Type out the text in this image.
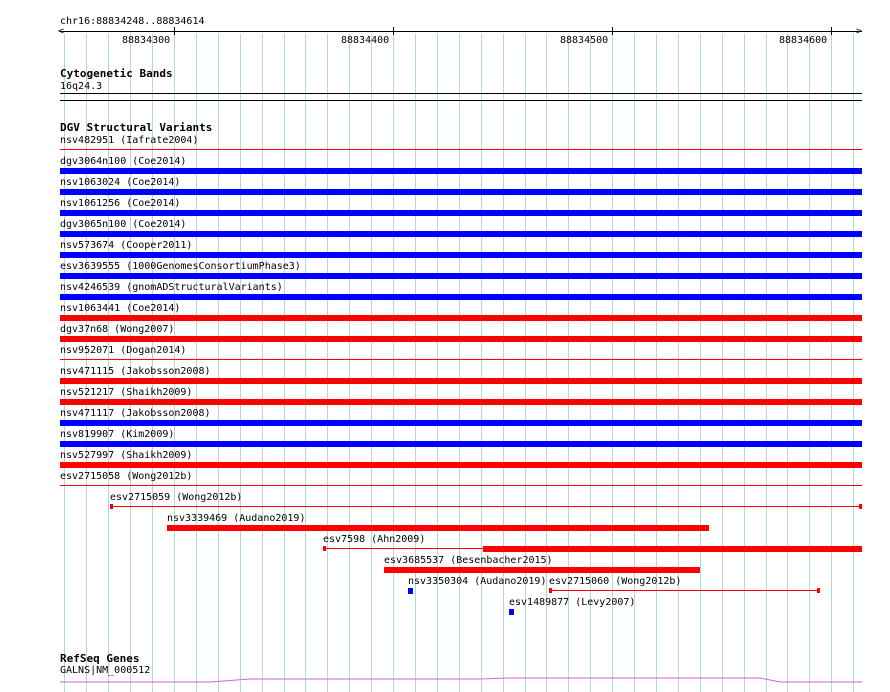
chr16:88834248..88834614
<	>
88834300	88834400	88834500	88834600
Cytogenetic Bands
16q24.3
DGV Structural Variants
nsv482951 (Iafrate2004)
dgv3064n100 (Coe2014)
nsv1063024 (Coe2014)
nsv1061256 (Coe2014)
dgv3065n100 (Coe2014)
nsv573674 (Cooper2011)
esv3639555 (1000GenomesConsortiumPhase3)
nsv4246539 (gnomADStructuralVariants)
nsv1063441 (Coe2014)
dgv37n68 (Wong2007)
nsv952071 (Dogan2014)
nsv471115 (Jakobsson2008)
nsv521217 (Shaikh2009)
nsv471117 (Jakobsson2008)
nsv819907 (Kim2009)
nsv527997 (Shaikh2009)
esv2715058 (Wong2012b)
esv2715059 (Wong2012b)
nsv3339469 (Audano2019)
esv7598 (Ahn2009)
esv3685537 (Besenbacher2015)
nsv3350304 (Audano2019) esv2715060 (Wong2012b)
esv1489877 (Levy2007)
RefSeq Genes
GALNS|NM_000512
